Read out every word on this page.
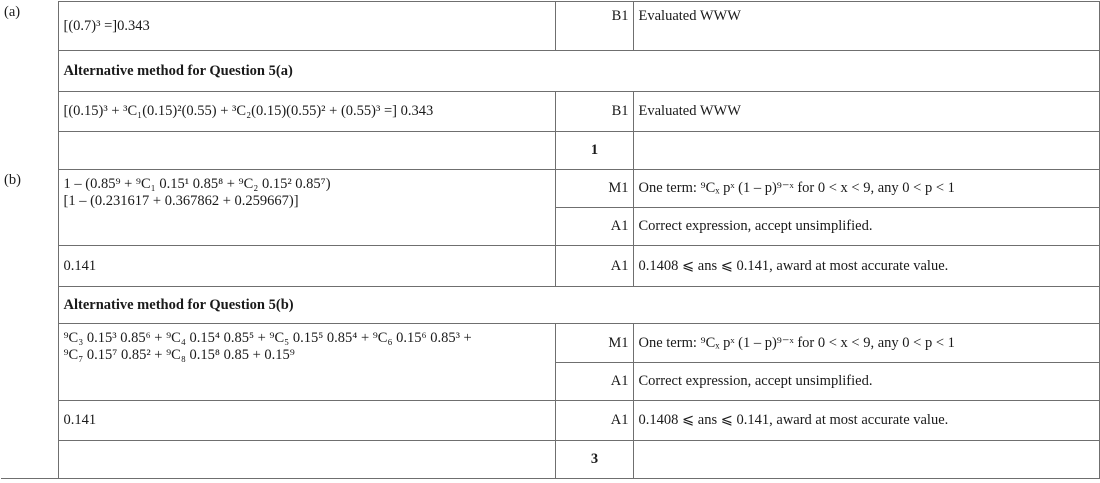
(a)	[(0.7)³ =]0.343	B1	Evaluated WWW
	Alternative method for Question 5(a)		
	[(0.15)³ + ³C₁(0.15)²(0.55) + ³C₂(0.15)(0.55)² + (0.55)³ =] 0.343	B1	Evaluated WWW
		1	
(b)	1 – (0.85⁹ + ⁹C₁ 0.15¹ 0.85⁸ + ⁹C₂ 0.15² 0.85⁷)
[1 – (0.231617 + 0.367862 + 0.259667)]	M1	One term: ⁹Cₓ pˣ (1 – p)⁹⁻ˣ for 0 < x < 9, any 0 < p < 1
		A1	Correct expression, accept unsimplified.
	0.141	A1	0.1408 ⩽ ans ⩽ 0.141, award at most accurate value.
	Alternative method for Question 5(b)		

	⁹C₃ 0.15³ 0.85⁶ + ⁹C₄ 0.15⁴ 0.85⁵ + ⁹C₅ 0.15⁵ 0.85⁴ + ⁹C₆ 0.15⁶ 0.85³ +
⁹C₇ 0.15⁷ 0.85² + ⁹C₈ 0.15⁸ 0.85 + 0.15⁹	M1	One term: ⁹Cₓ pˣ (1 – p)⁹⁻ˣ for 0 < x < 9, any 0 < p < 1
		A1	Correct expression, accept unsimplified.
	0.141	A1	0.1408 ⩽ ans ⩽ 0.141, award at most accurate value.
		3	
